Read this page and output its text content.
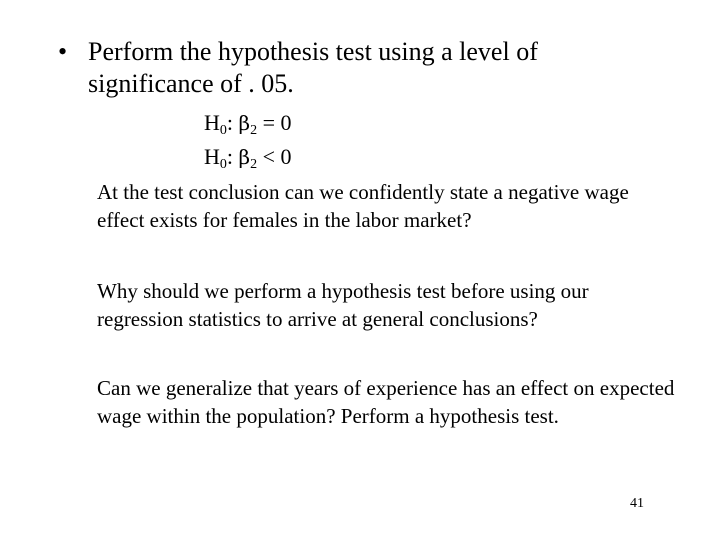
• Perform the hypothesis test using a level of significance of . 05.
$H_0$: $\beta_2 = 0$
$H_0$: $\beta_2 < 0$
At the test conclusion can we confidently state a negative wage effect exists for females in the labor market?
Why should we perform a hypothesis test before using our regression statistics to arrive at general conclusions?
Can we generalize that years of experience has an effect on expected wage within the population? Perform a hypothesis test.
41
